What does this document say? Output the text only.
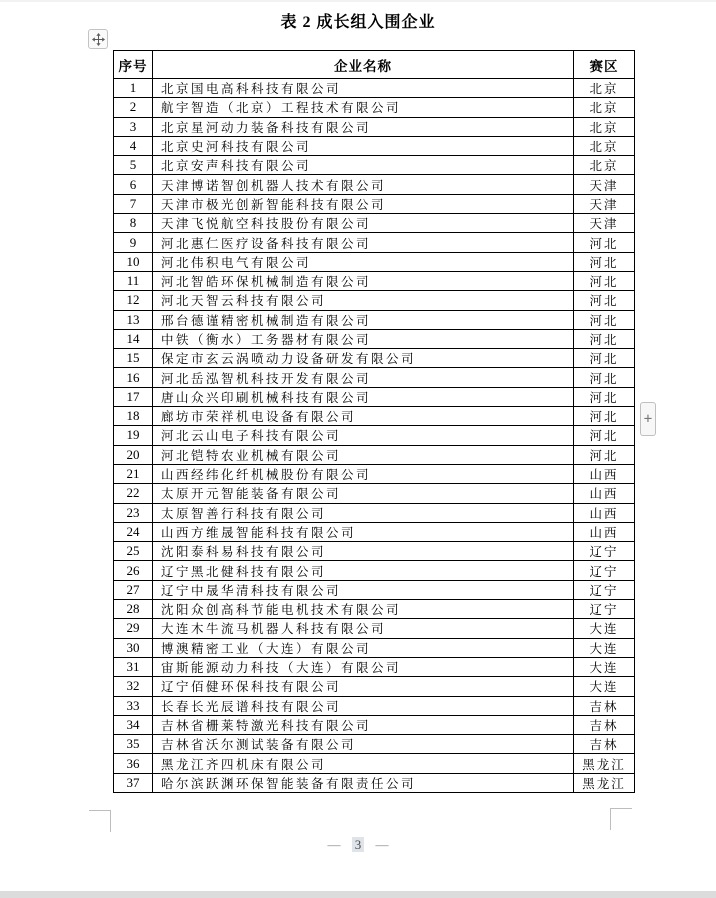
表 2 成长组入围企业
序号	企业名称	赛区
1	北京国电高科科技有限公司	北京
2	航宇智造（北京）工程技术有限公司	北京
3	北京星河动力装备科技有限公司	北京
4	北京史河科技有限公司	北京
5	北京安声科技有限公司	北京
6	天津博诺智创机器人技术有限公司	天津
7	天津市极光创新智能科技有限公司	天津
8	天津飞悦航空科技股份有限公司	天津
9	河北惠仁医疗设备科技有限公司	河北
10	河北伟积电气有限公司	河北
11	河北智皓环保机械制造有限公司	河北
12	河北天智云科技有限公司	河北
13	邢台德谨精密机械制造有限公司	河北
14	中铁（衡水）工务器材有限公司	河北
15	保定市玄云涡喷动力设备研发有限公司	河北
16	河北岳泓智机科技开发有限公司	河北
17	唐山众兴印刷机械科技有限公司	河北
18	廊坊市荣祥机电设备有限公司	河北
19	河北云山电子科技有限公司	河北
20	河北铠特农业机械有限公司	河北
21	山西经纬化纤机械股份有限公司	山西
22	太原开元智能装备有限公司	山西
23	太原智善行科技有限公司	山西
24	山西方维晟智能科技有限公司	山西
25	沈阳泰科易科技有限公司	辽宁
26	辽宁黑北健科技有限公司	辽宁
27	辽宁中晟华清科技有限公司	辽宁
28	沈阳众创高科节能电机技术有限公司	辽宁
29	大连木牛流马机器人科技有限公司	大连
30	博澳精密工业（大连）有限公司	大连
31	宙斯能源动力科技（大连）有限公司	大连
32	辽宁佰健环保科技有限公司	大连
33	长春长光辰谱科技有限公司	吉林
34	吉林省栅莱特激光科技有限公司	吉林
35	吉林省沃尔测试装备有限公司	吉林
36	黑龙江齐四机床有限公司	黑龙江
37	哈尔滨跃渊环保智能装备有限责任公司	黑龙江
+
— 3 —
